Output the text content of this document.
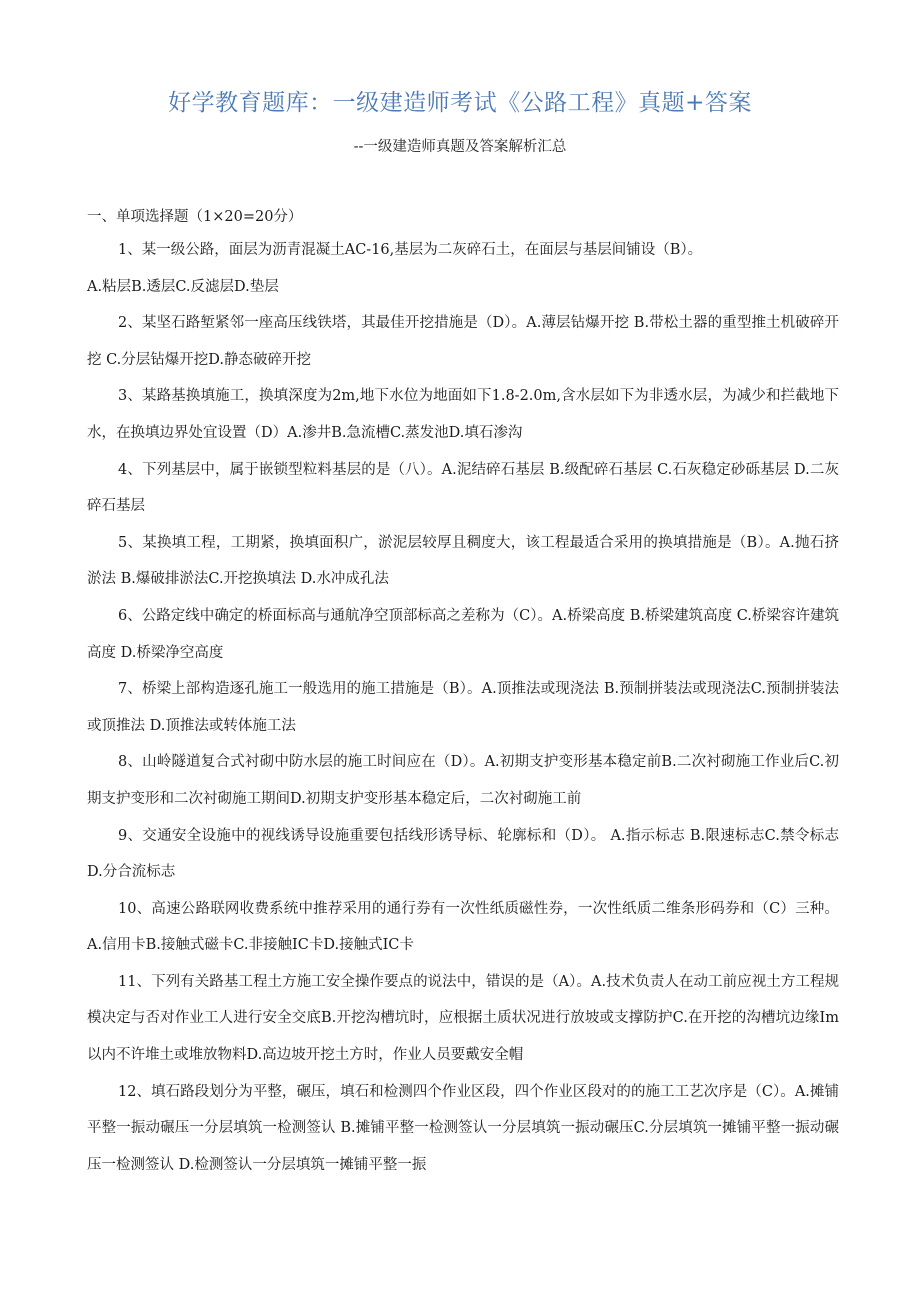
好学教育题库：一级建造师考试《公路工程》真题+答案
--一级建造师真题及答案解析汇总
一、单项选择题（1×20=20分）

1、某一级公路，面层为沥青混凝土AC-16,基层为二灰碎石土，在面层与基层间铺设（B）。

A.粘层B.透层C.反滤层D.垫层

2、某坚石路堑紧邻一座高压线铁塔，其最佳开挖措施是（D）。A.薄层钻爆开挖 B.带松土器的重型推土机破碎开挖 C.分层钻爆开挖D.静态破碎开挖

3、某路基换填施工，换填深度为2m,地下水位为地面如下1.8-2.0m,含水层如下为非透水层，为减少和拦截地下水，在换填边界处宜设置（D）A.渗井B.急流槽C.蒸发池D.填石渗沟

4、下列基层中，属于嵌锁型粒料基层的是（八）。A.泥结碎石基层 B.级配碎石基层 C.石灰稳定砂砾基层 D.二灰碎石基层

5、某换填工程，工期紧，换填面积广，淤泥层较厚且稠度大，该工程最适合采用的换填措施是（B）。A.抛石挤淤法 B.爆破排淤法C.开挖换填法 D.水冲成孔法

6、公路定线中确定的桥面标高与通航净空顶部标高之差称为（C）。A.桥梁高度 B.桥梁建筑高度 C.桥梁容许建筑高度 D.桥梁净空高度

7、桥梁上部构造逐孔施工一般选用的施工措施是（B）。A.顶推法或现浇法 B.预制拼装法或现浇法C.预制拼装法或顶推法 D.顶推法或转体施工法

8、山岭隧道复合式衬砌中防水层的施工时间应在（D）。A.初期支护变形基本稳定前B.二次衬砌施工作业后C.初期支护变形和二次衬砌施工期间D.初期支护变形基本稳定后，二次衬砌施工前

9、交通安全设施中的视线诱导设施重要包括线形诱导标、轮廓标和（D）。 A.指示标志 B.限速标志C.禁令标志 D.分合流标志

10、高速公路联网收费系统中推荐采用的通行券有一次性纸质磁性券，一次性纸质二维条形码券和（C）三种。A.信用卡B.接触式磁卡C.非接触IC卡D.接触式IC卡

11、下列有关路基工程土方施工安全操作要点的说法中，错误的是（A）。A.技术负责人在动工前应视土方工程规模决定与否对作业工人进行安全交底B.开挖沟槽坑时，应根据土质状况进行放坡或支撑防护C.在开挖的沟槽坑边缘Im以内不许堆土或堆放物料D.高边坡开挖土方时，作业人员要戴安全帽

12、填石路段划分为平整，碾压，填石和检测四个作业区段，四个作业区段对的的施工工艺次序是（C）。A.摊铺平整一振动碾压一分层填筑一检测签认 B.摊铺平整一检测签认一分层填筑一振动碾压C.分层填筑一摊铺平整一振动碾压一检测签认 D.检测签认一分层填筑一摊铺平整一振
